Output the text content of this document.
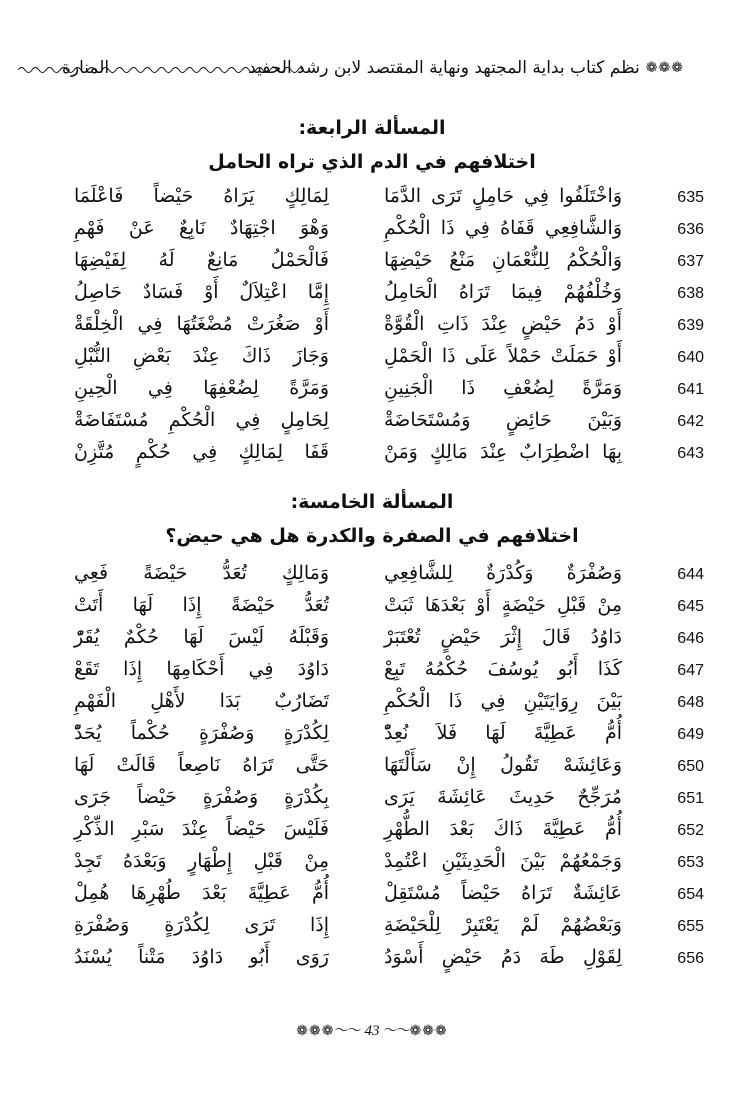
❁❁❁
نظم كتاب بداية المجتهد ونهاية المقتصد لابن رشد الحفيد
المنارة
المسألة الرابعة:
اختلافهم في الدم الذي تراه الحامل
635
وَاخْتَلَفُوا فِي حَامِلٍ تَرَى الدَّمَا
لِمَالِكٍ يَرَاهُ حَيْضاً فَاعْلَمَا
636
وَالشَّافِعِي قَفَاهُ فِي ذَا الْحُكْمِ
وَهْوَ اجْتِهَادٌ نَابِعٌ عَنْ فَهْمِ
637
وَالْحُكْمُ لِلنُّعْمَانِ مَنْعُ حَيْضِهَا
فَالْحَمْلُ مَانِعٌ لَهُ لِفَيْضِهَا
638
وَخُلْفُهُمْ فِيمَا تَرَاهُ الْحَامِلُ
إِمَّا اعْتِلاَلٌ أَوْ فَسَادٌ حَاصِلُ
639
أَوْ دَمُ حَيْضٍ عِنْدَ ذَاتِ الْقُوَّةْ
أَوْ صَغُرَتْ مُضْغَتُهَا فِي الْخِلْقَةْ
640
أَوْ حَمَلَتْ حَمْلاً عَلَى ذَا الْحَمْلِ
وَجَازَ ذَاكَ عِنْدَ بَعْضِ النُّبْلِ
641
وَمَرَّةً لِضُعْفِ ذَا الْجَنِينِ
وَمَرَّةً لِضُعْفِهَا فِي الْحِينِ
642
وَبَيْنَ حَائِضٍ وَمُسْتَحَاضَةْ
لِحَامِلٍ فِي الْحُكْمِ مُسْتَفَاضَةْ
643
بِهَا اضْطِرَابٌ عِنْدَ مَالِكٍ وَمَنْ
قَفَا لِمَالِكٍ فِي حُكْمٍ مُتَّزِنْ
المسألة الخامسة:
اختلافهم في الصفرة والكدرة هل هي حيض؟
644
وَصُفْرَةٌ وَكُدْرَةٌ لِلشَّافِعِي
وَمَالِكٍ تُعَدُّ حَيْضَةً فَعِي
645
مِنْ قَبْلِ حَيْضَةٍ أَوْ بَعْدَهَا ثَبَتْ
تُعَدُّ حَيْضَةً إِذَا لَهَا أَتَتْ
646
دَاوُدُ قَالَ إِثْرَ حَيْضٍ تُعْتَبَرْ
وَقَبْلَهُ لَيْسَ لَهَا حُكْمٌ يُقَرّْ
647
كَذَا أَبُو يُوسُفَ حُكْمُهُ تَبِعْ
دَاوُدَ فِي أَحْكَامِهَا إِذَا تَقَعْ
648
بَيْنَ رِوَايَتَيْنِ فِي ذَا الْحُكْمِ
تَضَارُبٌ بَدَا لأَهْلِ الْفَهْمِ
649
أُمُّ عَطِيَّةَ لَهَا فَلاَ نُعِدّْ
لِكُدْرَةٍ وَصُفْرَةٍ حُكْماً يُحَدّْ
650
وَعَائِشَهْ تَقُولُ إِنْ سَأَلْتَهَا
حَتَّى تَرَاهُ نَاصِعاً قَالَتْ لَهَا
651
مُرَجِّحٌ حَدِيثَ عَائِشَةَ يَرَى
بِكُدْرَةٍ وَصُفْرَةٍ حَيْضاً جَرَى
652
أُمُّ عَطِيَّةَ ذَاكَ بَعْدَ الطُّهْرِ
فَلَيْسَ حَيْضاً عِنْدَ سَبْرِ الذِّكْرِ
653
وَجَمْعُهُمْ بَيْنَ الْحَدِيثَيْنِ اعْتُمِدْ
مِنْ قَبْلِ إِطْهَارٍ وَبَعْدَهُ تَجِدْ
654
عَائِشَةٌ تَرَاهُ حَيْضاً مُسْتَقِلْ
أُمُّ عَطِيَّةَ بَعْدَ طُهْرِهَا هُمِلْ
655
وَبَعْضُهُمْ لَمْ يَعْتَبِرْ لِلْحَيْضَةِ
إِذَا تَرَى لِكُدْرَةٍ وَصُفْرَةِ
656
لِقَوْلِ طَهَ دَمُ حَيْضٍ أَسْوَدُ
رَوَى أَبُو دَاوُدَ مَتْناً يُسْنَدُ
❁❁❁〜〜 43 〜〜❁❁❁
